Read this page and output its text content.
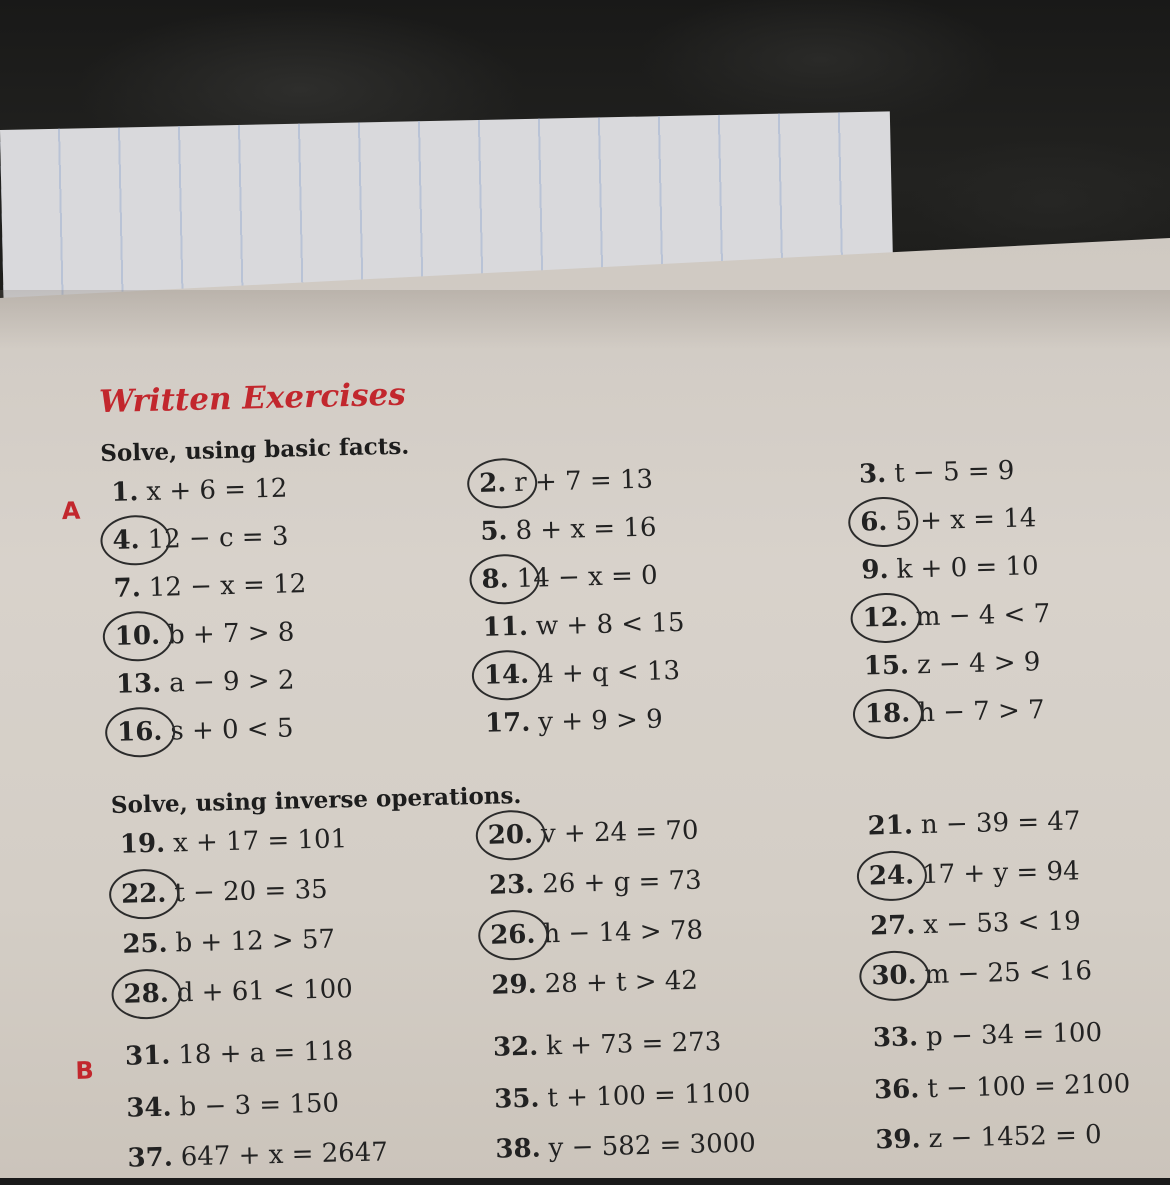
Written Exercises
Solve, using basic facts.
Solve, using inverse operations.
A
B
1. x + 6 = 12	2. r + 7 = 13	3. t − 5 = 9
4. 12 − c = 3	5. 8 + x = 16	6. 5 + x = 14
7. 12 − x = 12	8. 14 − x = 0	9. k + 0 = 10
10. b + 7 > 8	11. w + 8 < 15	12. m − 4 < 7
13. a − 9 > 2	14. 4 + q < 13	15. z − 4 > 9
16. s + 0 < 5	17. y + 9 > 9	18. h − 7 > 7
19. x + 17 = 101	20. v + 24 = 70	21. n − 39 = 47
22. t − 20 = 35	23. 26 + g = 73	24. 17 + y = 94
25. b + 12 > 57	26. h − 14 > 78	27. x − 53 < 19
28. d + 61 < 100	29. 28 + t > 42	30. m − 25 < 16
31. 18 + a = 118	32. k + 73 = 273	33. p − 34 = 100
34. b − 3 = 150	35. t + 100 = 1100	36. t − 100 = 2100
37. 647 + x = 2647	38. y − 582 = 3000	39. z − 1452 = 0
